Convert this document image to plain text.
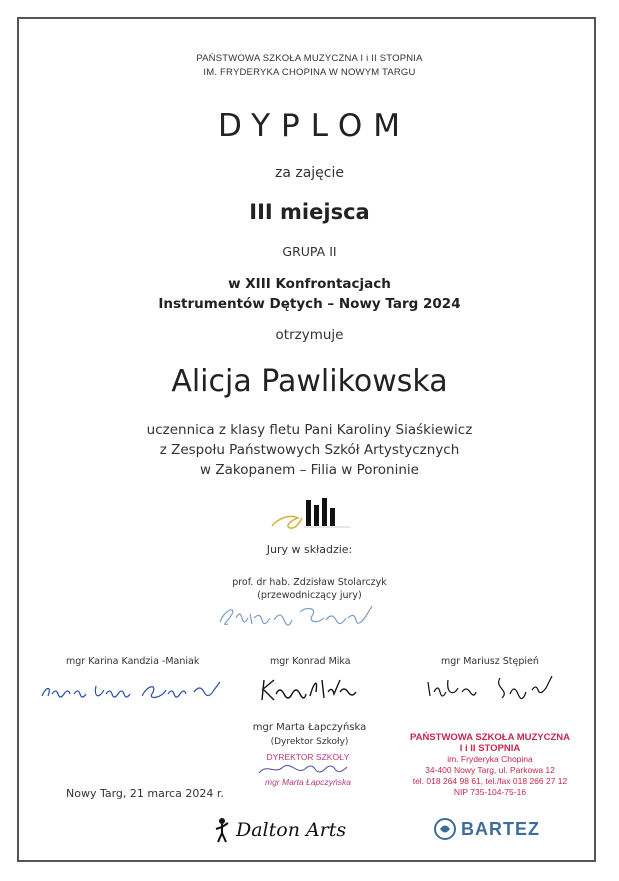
PAŃSTWOWA SZKOŁA MUZYCZNA I i II STOPNIA
IM. FRYDERYKA CHOPINA W NOWYM TARGU
DYPLOM
za zajęcie
III miejsca
GRUPA II
w XIII Konfrontacjach
Instrumentów Dętych – Nowy Targ 2024
otrzymuje
Alicja Pawlikowska
uczennica z klasy fletu Pani Karoliny Siaśkiewicz
z Zespołu Państwowych Szkół Artystycznych
w Zakopanem – Filia w Poroninie
Jury w składzie:
prof. dr hab. Zdzisław Stolarczyk
(przewodniczący jury)
mgr Karina Kandzia -Maniak	mgr Konrad Mika	mgr Mariusz Stępień
mgr Marta Łapczyńska
(Dyrektor Szkoły)
DYREKTOR SZKOŁY
mgr Marta Łapczyńska
Nowy Targ, 21 marca 2024 r.
PAŃSTWOWA SZKOŁA MUZYCZNA
I i II STOPNIA
im. Fryderyka Chopina
34-400 Nowy Targ, ul. Parkowa 12
tel. 018 264 98 61, tel./fax 018 266 27 12
NIP 735-104-75-16
Dalton Arts	BARTEZ
